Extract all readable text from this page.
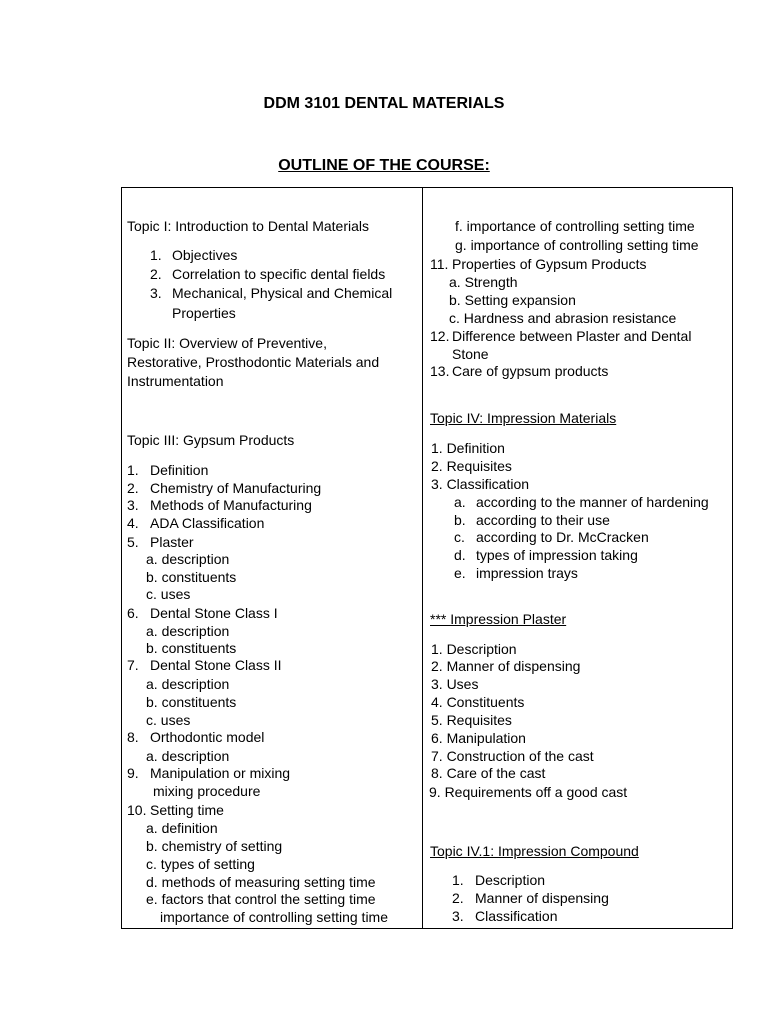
DDM 3101 DENTAL MATERIALS
OUTLINE OF THE COURSE:
Topic I: Introduction to Dental Materials
1. Objectives
2. Correlation to specific dental fields
3. Mechanical, Physical and Chemical
Properties
Topic II: Overview of Preventive,
Restorative, Prosthodontic Materials and
Instrumentation
Topic III: Gypsum Products
1. Definition
2. Chemistry of Manufacturing
3. Methods of Manufacturing
4. ADA Classification
5. Plaster
a. description
b. constituents
c. uses
6. Dental Stone Class I
a. description
b. constituents
7. Dental Stone Class II
a. description
b. constituents
c. uses
8. Orthodontic model
a. description
9. Manipulation or mixing
mixing procedure
10. Setting time
a. definition
b. chemistry of setting
c. types of setting
d. methods of measuring setting time
e. factors that control the setting time
importance of controlling setting time
f. importance of controlling setting time
g. importance of controlling setting time
11. Properties of Gypsum Products
a. Strength
b. Setting expansion
c. Hardness and abrasion resistance
12. Difference between Plaster and Dental
Stone
13. Care of gypsum products
Topic IV: Impression Materials
1. Definition
2. Requisites
3. Classification
a. according to the manner of hardening
b. according to their use
c. according to Dr. McCracken
d. types of impression taking
e. impression trays
*** Impression Plaster
1. Description
2. Manner of dispensing
3. Uses
4. Constituents
5. Requisites
6. Manipulation
7. Construction of the cast
8. Care of the cast
9. Requirements off a good cast
Topic IV.1: Impression Compound
1. Description
2. Manner of dispensing
3. Classification
